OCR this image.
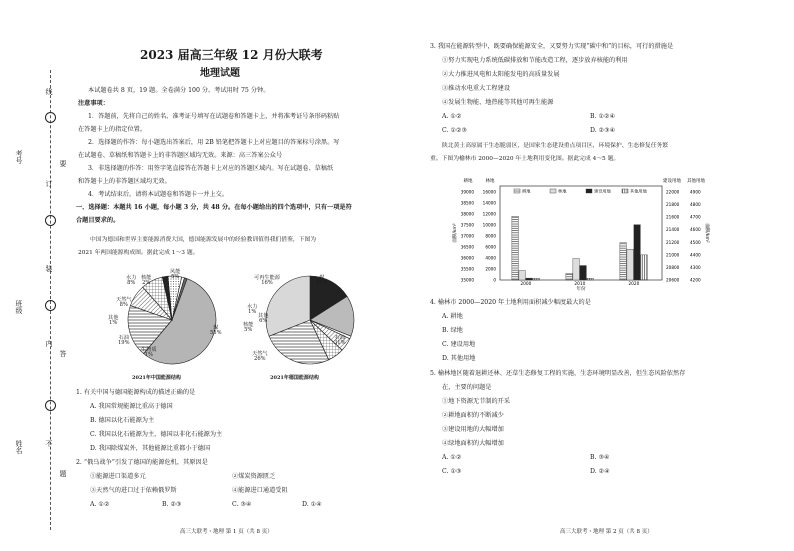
考号
班级
姓名
线
订
装
内
不
要
答
题
2023 届高三年级 12 月份大联考
地理试题
本试题卷共 8 页，19 题。全卷满分 100 分。考试用时 75 分钟。
注意事项：
1．答题前，先将自己的姓名、准考证号填写在试题卷和答题卡上，并将准考证号条形码粘贴
在答题卡上的指定位置。
2．选择题的作答：每小题选出答案后，用 2B 铅笔把答题卡上对应题目的答案标号涂黑。写
在试题卷、草稿纸和答题卡上的非答题区域均无效。来源：高三答案公众号
3．非选择题的作答：用签字笔直接答在答题卡上对应的答题区域内。写在试题卷、草稿纸
和答题卡上的非答题区域均无效。
4．考试结束后，请将本试题卷和答题卡一并上交。
一、选择题：本题共 16 小题，每小题 3 分，共 48 分。在每小题给出的四个选项中，只有一项是符
合题目要求的。
中国为德国和世界主要能源消费大国，德国能源发展中的经验教训值得我们借鉴，下图为
2021 年两国能源构成图。据此完成 1～3 题。
煤
55%
石油
19%
天然气
8%
水力
8%
核能
2%
风能
5%
生物质
1%
其他
1%
2021年中国能源结构
可再生能源
16%
煤
15%
水力
1%
核能
5%
其他
6%
天然气
26%
石油
31%
2021年德国能源结构
1. 有关中国与德国能源构成的描述正确的是
A. 我国常规能源比重高于德国
B. 德国以化石能源为主
C. 我国以化石能源为主，德国以非化石能源为主
D. 我国除煤炭外，其他能源比重都小于德国
2. “俄乌战争”引发了德国的能源危机，其原因是
①能源进口渠道多元	②煤炭资源匮乏
③天然气的进口过于依赖俄罗斯	④能源进口通道受阻
A. ①②	B. ②③	C. ③④	D. ①④
高三大联考・地理 第 1 页（共 8 页）
3. 我国在能源转型中，既要确保能源安全，又要努力实现“碳中和”的目标，可行的措施是
①努力实现电力系统低碳排放和节能改造工程，逐步放弃核能的利用
②大力推进风电和太阳能发电的高质量发展
③推动水电重大工程建设
④发展生物能、地热能等其他可再生能源
A. ①②	B. ①②④
C. ①②③	D. ②③④
陕北黄土高原属于生态脆弱区，是国家生态建设重点项目区，环境保护、生态修复任务繁
重。下图为榆林市 2000—2020 年土地利用变化图。据此完成 4～5 题。
耕地	林地	建设用地	其他用地
39000
38500
38000
37500
37000
36500
36000
35500
35000
16000
14000
12000
10000
8000
6000
4000
2000
0
22000
21800
21600
21400
21200
21000
20800
20600
4900
4800
4700
4600
4500
4400
4300
4200
耕地	林地	建设用地 其他用地
面积/km²	面积/km²
年份
2000	2010	2020
4. 榆林市 2000—2020 年土地利用面积减少幅度最大的是
A. 耕地
B. 绿地
C. 建设用地
D. 其他用地
5. 榆林地区随着退耕还林、还草生态修复工程的实施，生态环境明显改善，但生态风险依然存
在，主要的问题是
①地下资源无节制的开采
②耕地面积的不断减少
③建设用地的大幅增加
④绿地面积的大幅增加
A. ①②	B. ③④
C. ①③	D. ②④
高三大联考・地理 第 2 页（共 8 页）
